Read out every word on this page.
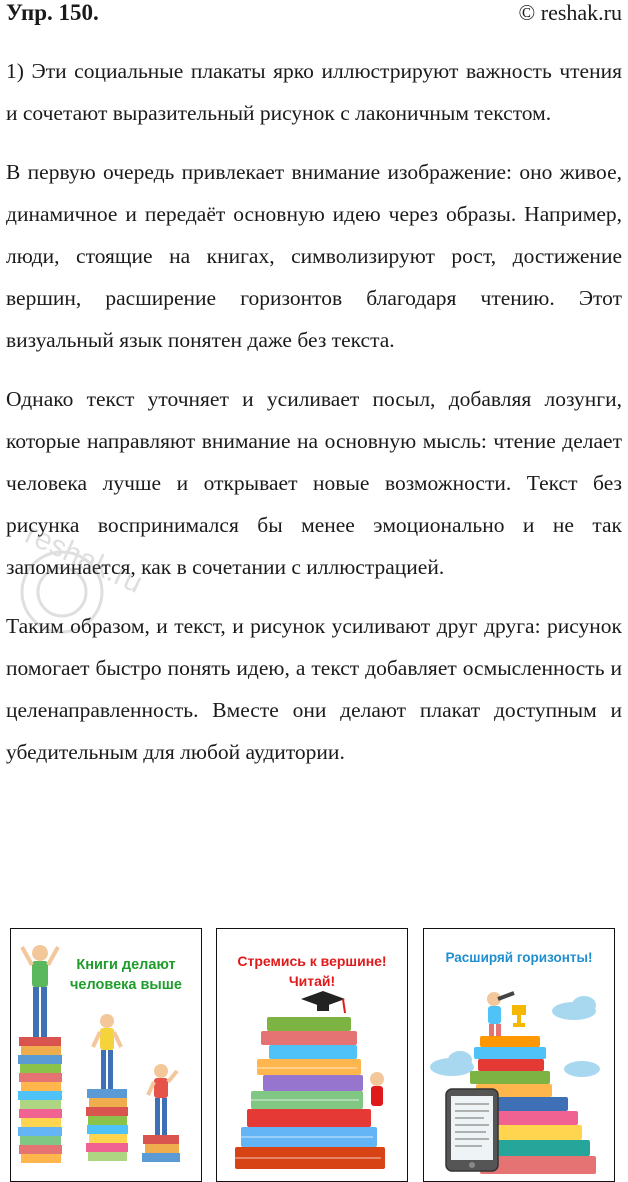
Упр. 150.	© reshak.ru

1) Эти социальные плакаты ярко иллюстрируют важность чтения и сочетают выразительный рисунок с лаконичным текстом.

В первую очередь привлекает внимание изображение: оно живое, динамичное и передаёт основную идею через образы. Например, люди, стоящие на книгах, символизируют рост, достижение вершин, расширение горизонтов благодаря чтению. Этот визуальный язык понятен даже без текста.

Однако текст уточняет и усиливает посыл, добавляя лозунги, которые направляют внимание на основную мысль: чтение делает человека лучше и открывает новые возможности. Текст без рисунка воспринимался бы менее эмоционально и не так запоминается, как в сочетании с иллюстрацией.

Таким образом, и текст, и рисунок усиливают друг друга: рисунок помогает быстро понять идею, а текст добавляет осмысленность и целенаправленность. Вместе они делают плакат доступным и убедительным для любой аудитории.

reshak.ru
Книги делают
человека выше
Стремись к вершине!
Читай!
Расширяй горизонты!
